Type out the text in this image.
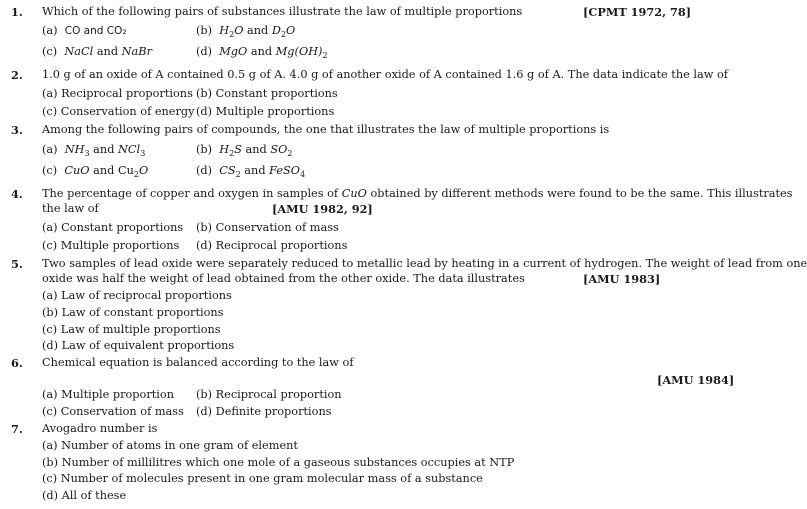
1. Which of the following pairs of substances illustrate the law of multiple proportions	[CPMT 1972, 78]
(a) CO and CO₂	(b) $H_2O$ and $D_2O$
(c) NaCl and NaBr	(d) MgO and $Mg(OH)_2$
2. 1.0 g of an oxide of A contained 0.5 g of A. 4.0 g of another oxide of A contained 1.6 g of A. The data indicate the law of
(a) Reciprocal proportions (b) Constant proportions
(c) Conservation of energy (d) Multiple proportions
3. Among the following pairs of compounds, the one that illustrates the law of multiple proportions is
(a) $NH_3$ and NCl$_3$	(b) $H_2S$ and $SO_2$
(c) CuO and $Cu_2O$	(d) $CS_2$ and FeSO$_4$
4. The percentage of copper and oxygen in samples of CuO obtained by different methods were found to be the same. This illustrates
the law of	[AMU 1982, 92]
(a) Constant proportions (b) Conservation of mass
(c) Multiple proportions (d) Reciprocal proportions
5. Two samples of lead oxide were separately reduced to metallic lead by heating in a current of hydrogen. The weight of lead from one
oxide was half the weight of lead obtained from the other oxide. The data illustrates	[AMU 1983]
(a) Law of reciprocal proportions
(b) Law of constant proportions
(c) Law of multiple proportions
(d) Law of equivalent proportions
6. Chemical equation is balanced according to the law of
[AMU 1984]
(a) Multiple proportion (b) Reciprocal proportion
(c) Conservation of mass (d) Definite proportions
7. Avogadro number is
(a) Number of atoms in one gram of element
(b) Number of millilitres which one mole of a gaseous substances occupies at NTP
(c) Number of molecules present in one gram molecular mass of a substance
(d) All of these
